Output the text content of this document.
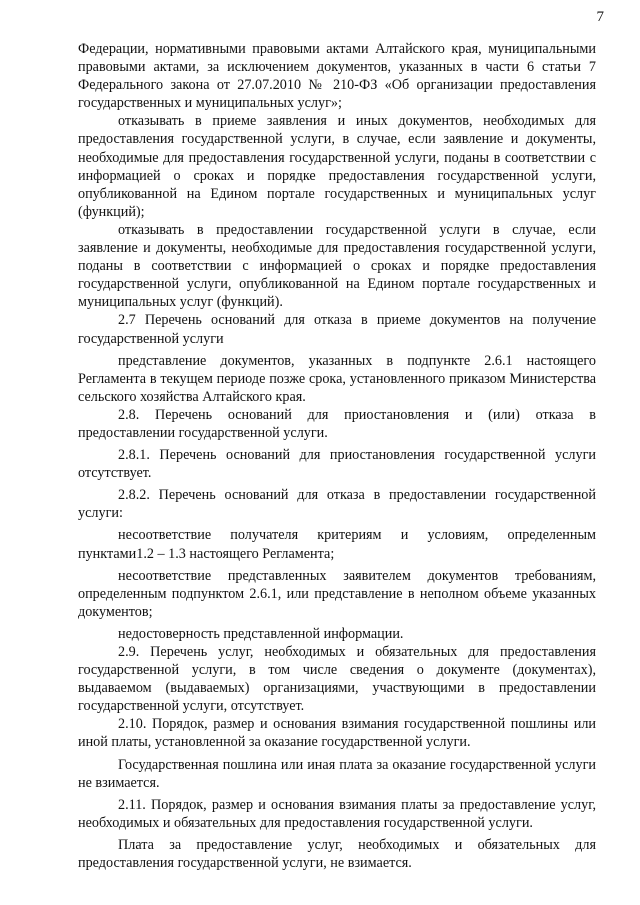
7

Федерации, нормативными правовыми актами Алтайского края, муниципальными правовыми актами, за исключением документов, указанных в части 6 статьи 7 Федерального закона от 27.07.2010 № 210-ФЗ «Об организации предоставления государственных и муниципальных услуг»;

отказывать в приеме заявления и иных документов, необходимых для предоставления государственной услуги, в случае, если заявление и документы, необходимые для предоставления государственной услуги, поданы в соответствии с информацией о сроках и порядке предоставления государственной услуги, опубликованной на Едином портале государственных и муниципальных услуг (функций);

отказывать в предоставлении государственной услуги в случае, если заявление и документы, необходимые для предоставления государственной услуги, поданы в соответствии с информацией о сроках и порядке предоставления государственной услуги, опубликованной на Едином портале государственных и муниципальных услуг (функций).

2.7 Перечень оснований для отказа в приеме документов на получение государственной услуги

представление документов, указанных в подпункте 2.6.1 настоящего Регламента в текущем периоде позже срока, установленного приказом Министерства сельского хозяйства Алтайского края.

2.8. Перечень оснований для приостановления и (или) отказа в предоставлении государственной услуги.

2.8.1. Перечень оснований для приостановления государственной услуги отсутствует.

2.8.2. Перечень оснований для отказа в предоставлении государственной услуги:

несоответствие получателя критериям и условиям, определенным пунктами1.2 – 1.3 настоящего Регламента;

несоответствие представленных заявителем документов требованиям, определенным подпунктом 2.6.1, или представление в неполном объеме указанных документов;

недостоверность представленной информации.

2.9. Перечень услуг, необходимых и обязательных для предоставления государственной услуги, в том числе сведения о документе (документах), выдаваемом (выдаваемых) организациями, участвующими в предоставлении государственной услуги, отсутствует.

2.10. Порядок, размер и основания взимания государственной пошлины или иной платы, установленной за оказание государственной услуги.

Государственная пошлина или иная плата за оказание государственной услуги не взимается.

2.11. Порядок, размер и основания взимания платы за предоставление услуг, необходимых и обязательных для предоставления государственной услуги.

Плата за предоставление услуг, необходимых и обязательных для предоставления государственной услуги, не взимается.
